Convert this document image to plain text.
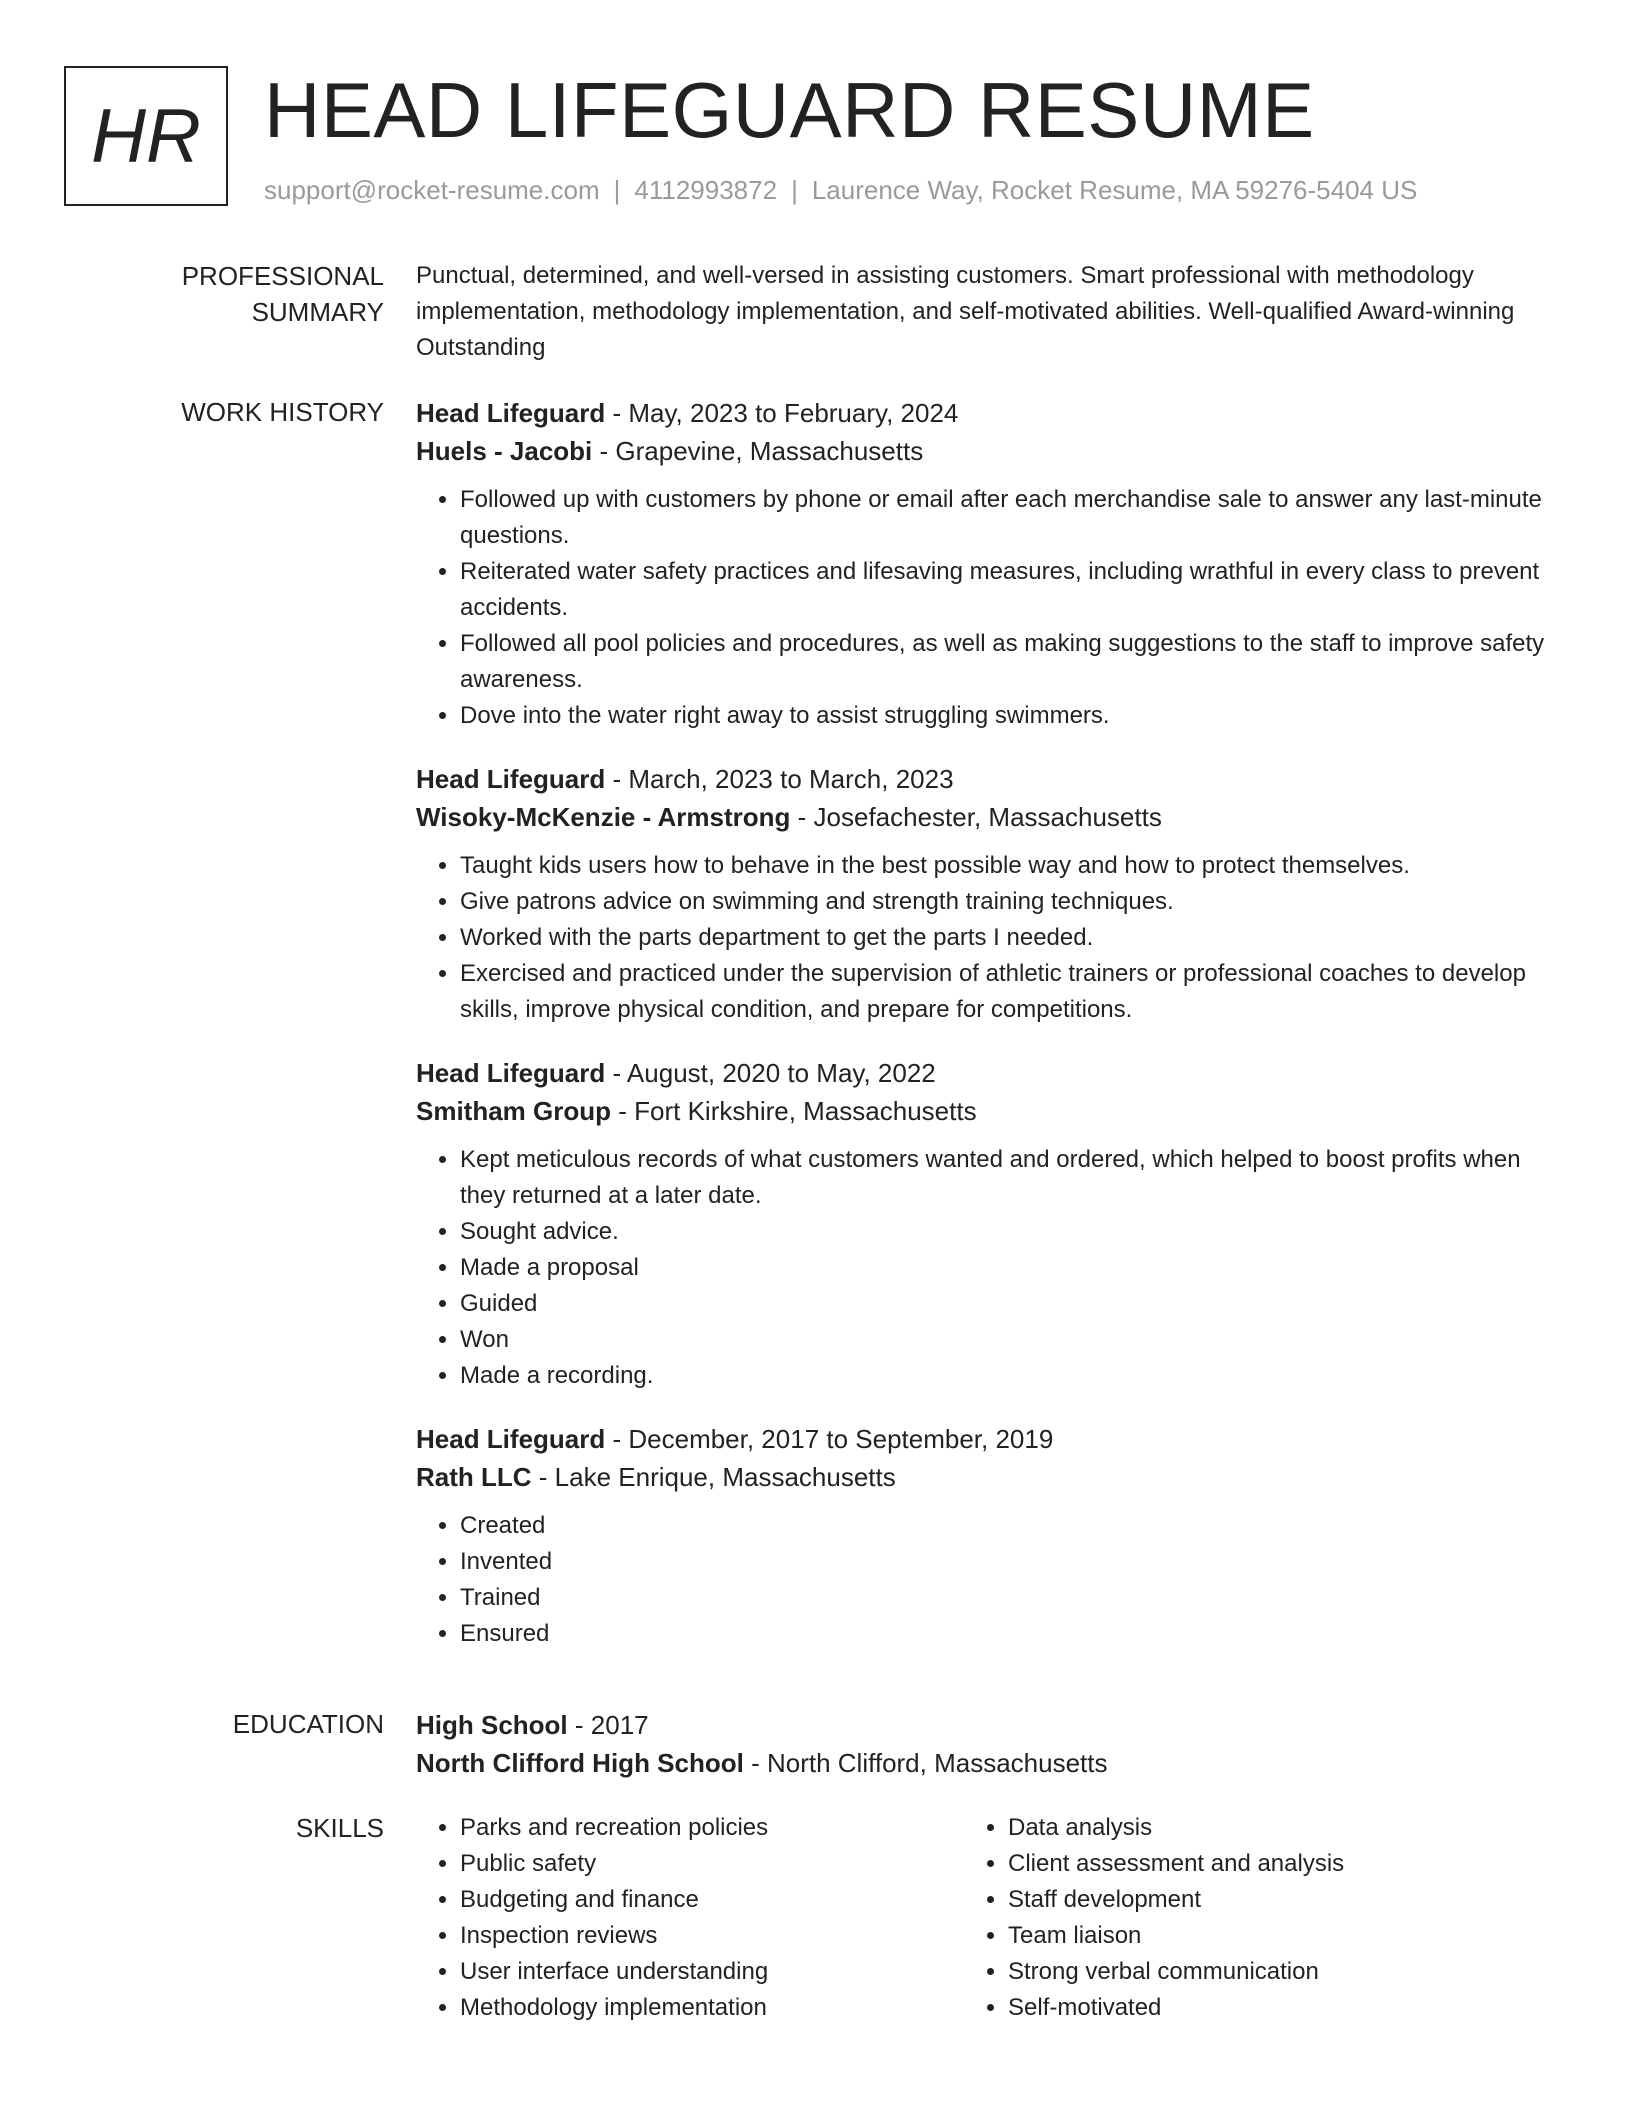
HR HEAD LIFEGUARD RESUME
support@rocket-resume.com | 4112993872 | Laurence Way, Rocket Resume, MA 59276-5404 US
PROFESSIONAL SUMMARY

Punctual, determined, and well-versed in assisting customers. Smart professional with methodology implementation, methodology implementation, and self-motivated abilities. Well-qualified Award-winning Outstanding

WORK HISTORY	Head Lifeguard - May, 2023 to February, 2024
Huels - Jacobi - Grapevine, Massachusetts
• Followed up with customers by phone or email after each merchandise sale to answer any last-minute questions.
• Reiterated water safety practices and lifesaving measures, including wrathful in every class to prevent accidents.
• Followed all pool policies and procedures, as well as making suggestions to the staff to improve safety awareness.
• Dove into the water right away to assist struggling swimmers.
Head Lifeguard - March, 2023 to March, 2023
Wisoky-McKenzie - Armstrong - Josefachester, Massachusetts
• Taught kids users how to behave in the best possible way and how to protect themselves.
• Give patrons advice on swimming and strength training techniques.
• Worked with the parts department to get the parts I needed.
• Exercised and practiced under the supervision of athletic trainers or professional coaches to develop skills, improve physical condition, and prepare for competitions.
Head Lifeguard - August, 2020 to May, 2022
Smitham Group - Fort Kirkshire, Massachusetts
• Kept meticulous records of what customers wanted and ordered, which helped to boost profits when they returned at a later date.
• Sought advice.
• Made a proposal
• Guided
• Won
• Made a recording.
Head Lifeguard - December, 2017 to September, 2019
Rath LLC - Lake Enrique, Massachusetts
• Created
• Invented
• Trained
• Ensured
EDUCATION	High School - 2017
North Clifford High School - North Clifford, Massachusetts
SKILLS
•	Parks and recreation policies
• Public safety
• Budgeting and finance
• Inspection reviews
• User interface understanding
• Methodology implementation
• Data analysis
• Client assessment and analysis
• Staff development
• Team liaison
• Strong verbal communication
• Self-motivated
